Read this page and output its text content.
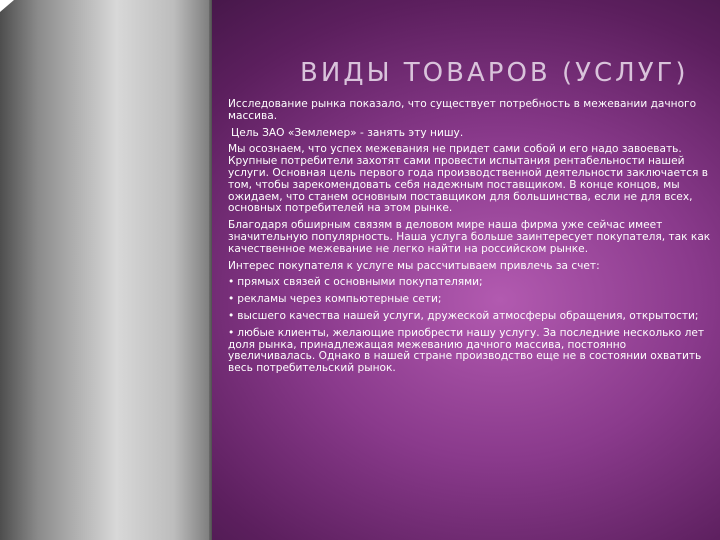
ВИДЫ ТОВАРОВ (УСЛУГ)

Исследование рынка показало, что существует потребность в межевании дачного массива.

Цель ЗАО «Землемер» - занять эту нишу.

Мы осознаем, что успех межевания не придет сами собой и его надо завоевать. Крупные потребители захотят сами провести испытания рентабельности нашей услуги. Основная цель первого года производственной деятельности заключается в том, чтобы зарекомендовать себя надежным поставщиком. В конце концов, мы ожидаем, что станем основным поставщиком для большинства, если не для всех, основных потребителей на этом рынке.

Благодаря обширным связям в деловом мире наша фирма уже сейчас имеет значительную популярность. Наша услуга больше заинтересует покупателя, так как качественное межевание не легко найти на российском рынке.

Интерес покупателя к услуге мы рассчитываем привлечь за счет:

• прямых связей с основными покупателями;

• рекламы через компьютерные сети;

• высшего качества нашей услуги, дружеской атмосферы обращения, открытости;

• любые клиенты, желающие приобрести нашу услугу. За последние несколько лет доля рынка, принадлежащая межеванию дачного массива, постоянно увеличивалась. Однако в нашей стране производство еще не в состоянии охватить весь потребительский рынок.
